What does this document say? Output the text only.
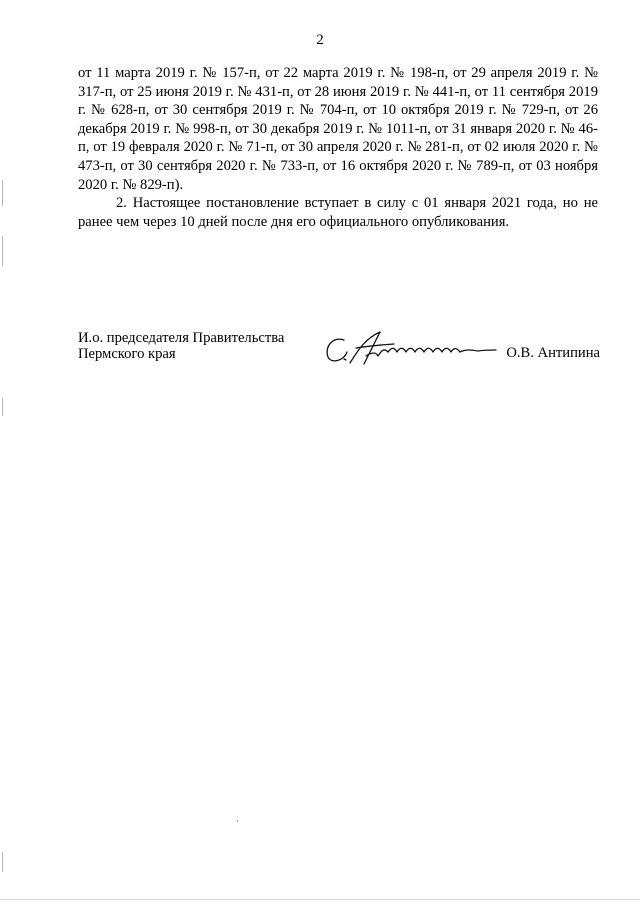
2

от 11 марта 2019 г. № 157-п, от 22 марта 2019 г. № 198-п, от 29 апреля 2019 г. № 317-п, от 25 июня 2019 г. № 431-п, от 28 июня 2019 г. № 441-п, от 11 сентября 2019 г. № 628-п, от 30 сентября 2019 г. № 704-п, от 10 октября 2019 г. № 729-п, от 26 декабря 2019 г. № 998-п, от 30 декабря 2019 г. № 1011-п, от 31 января 2020 г. № 46-п, от 19 февраля 2020 г. № 71-п, от 30 апреля 2020 г. № 281-п, от 02 июля 2020 г. № 473-п, от 30 сентября 2020 г. № 733-п, от 16 октября 2020 г. № 789-п, от 03 ноября 2020 г. № 829-п).

2. Настоящее постановление вступает в силу с 01 января 2021 года, но не ранее чем через 10 дней после дня его официального опубликования.

И.о. председателя Правительства
Пермского края	О.В. Антипина
